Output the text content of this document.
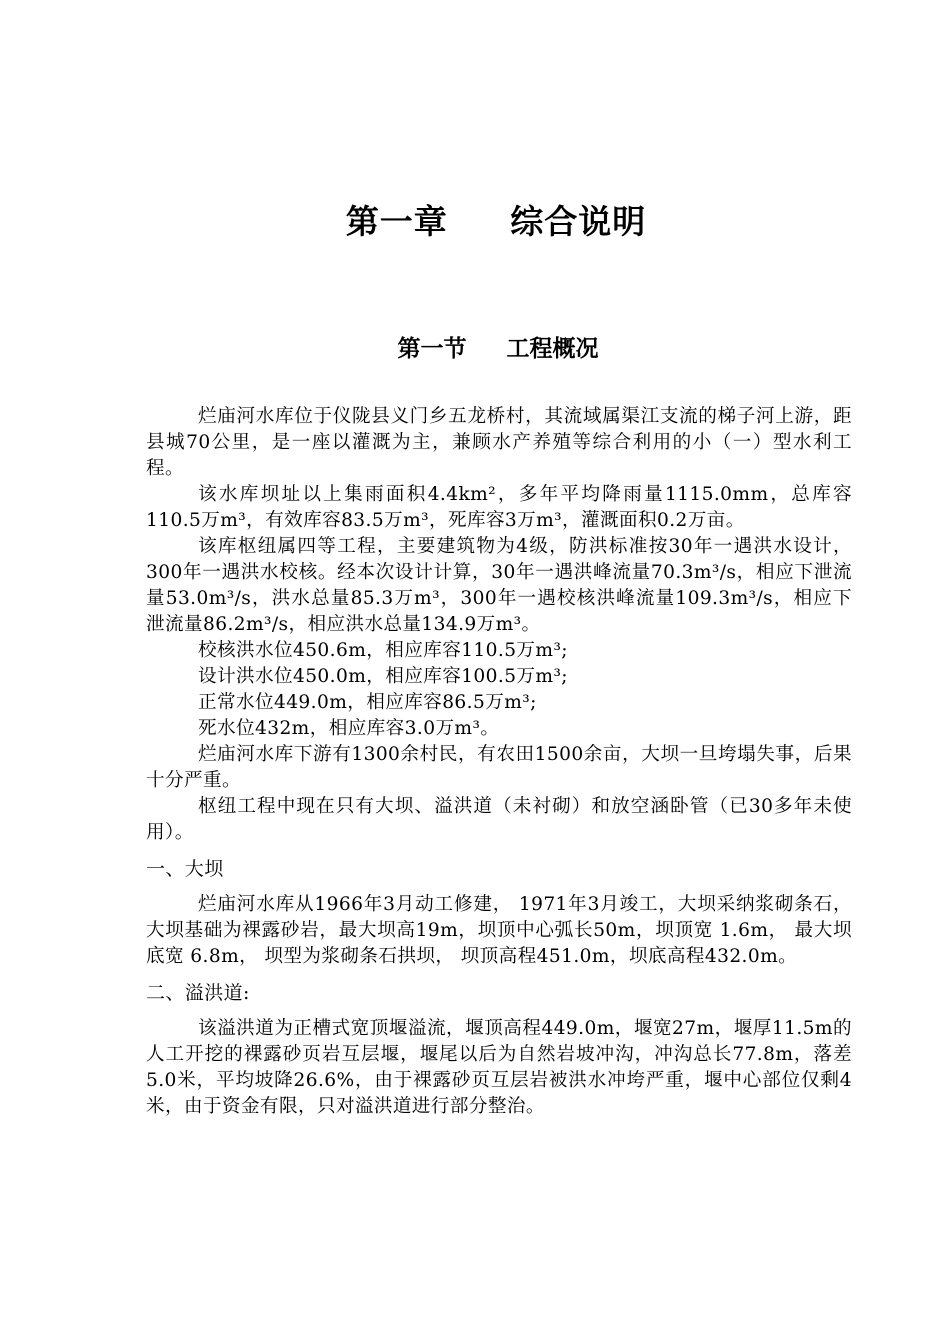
第一章     综合说明
第一节     工程概况

烂庙河水库位于仪陇县义门乡五龙桥村，其流域属渠江支流的梯子河上游，距县城70公里，是一座以灌溉为主，兼顾水产养殖等综合利用的小（一）型水利工程。

该水库坝址以上集雨面积4.4km²，多年平均降雨量1115.0mm，总库容110.5万m³，有效库容83.5万m³，死库容3万m³，灌溉面积0.2万亩。

该库枢纽属四等工程，主要建筑物为4级，防洪标准按30年一遇洪水设计，300年一遇洪水校核。经本次设计计算，30年一遇洪峰流量70.3m³/s，相应下泄流量53.0m³/s，洪水总量85.3万m³，300年一遇校核洪峰流量109.3m³/s，相应下泄流量86.2m³/s，相应洪水总量134.9万m³。

校核洪水位450.6m，相应库容110.5万m³;

设计洪水位450.0m，相应库容100.5万m³;

正常水位449.0m，相应库容86.5万m³;

死水位432m，相应库容3.0万m³。

烂庙河水库下游有1300余村民，有农田1500余亩，大坝一旦垮塌失事，后果十分严重。

枢纽工程中现在只有大坝、溢洪道（未衬砌）和放空涵卧管（已30多年未使用）。

一、大坝

烂庙河水库从1966年3月动工修建， 1971年3月竣工，大坝采纳浆砌条石，大坝基础为裸露砂岩，最大坝高19m，坝顶中心弧长50m，坝顶宽 1.6m， 最大坝底宽 6.8m， 坝型为浆砌条石拱坝， 坝顶高程451.0m，坝底高程432.0m。

二、溢洪道:

该溢洪道为正槽式宽顶堰溢流，堰顶高程449.0m，堰宽27m，堰厚11.5m的人工开挖的裸露砂页岩互层堰，堰尾以后为自然岩坡冲沟，冲沟总长77.8m，落差5.0米，平均坡降26.6%，由于裸露砂页互层岩被洪水冲垮严重，堰中心部位仅剩4米，由于资金有限，只对溢洪道进行部分整治。
